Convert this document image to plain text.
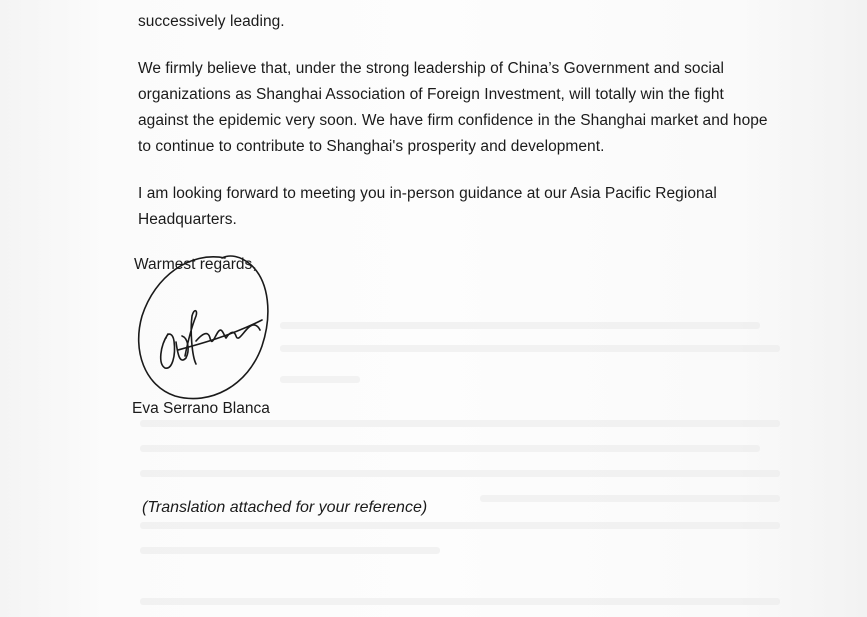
successively leading.

We firmly believe that, under the strong leadership of China’s Government and social organizations as Shanghai Association of Foreign Investment, will totally win the fight against the epidemic very soon. We have firm confidence in the Shanghai market and hope to continue to contribute to Shanghai's prosperity and development.

I am looking forward to meeting you in-person guidance at our Asia Pacific Regional Headquarters.

Warmest regards,

Eva Serrano Blanca

(Translation attached for your reference)
